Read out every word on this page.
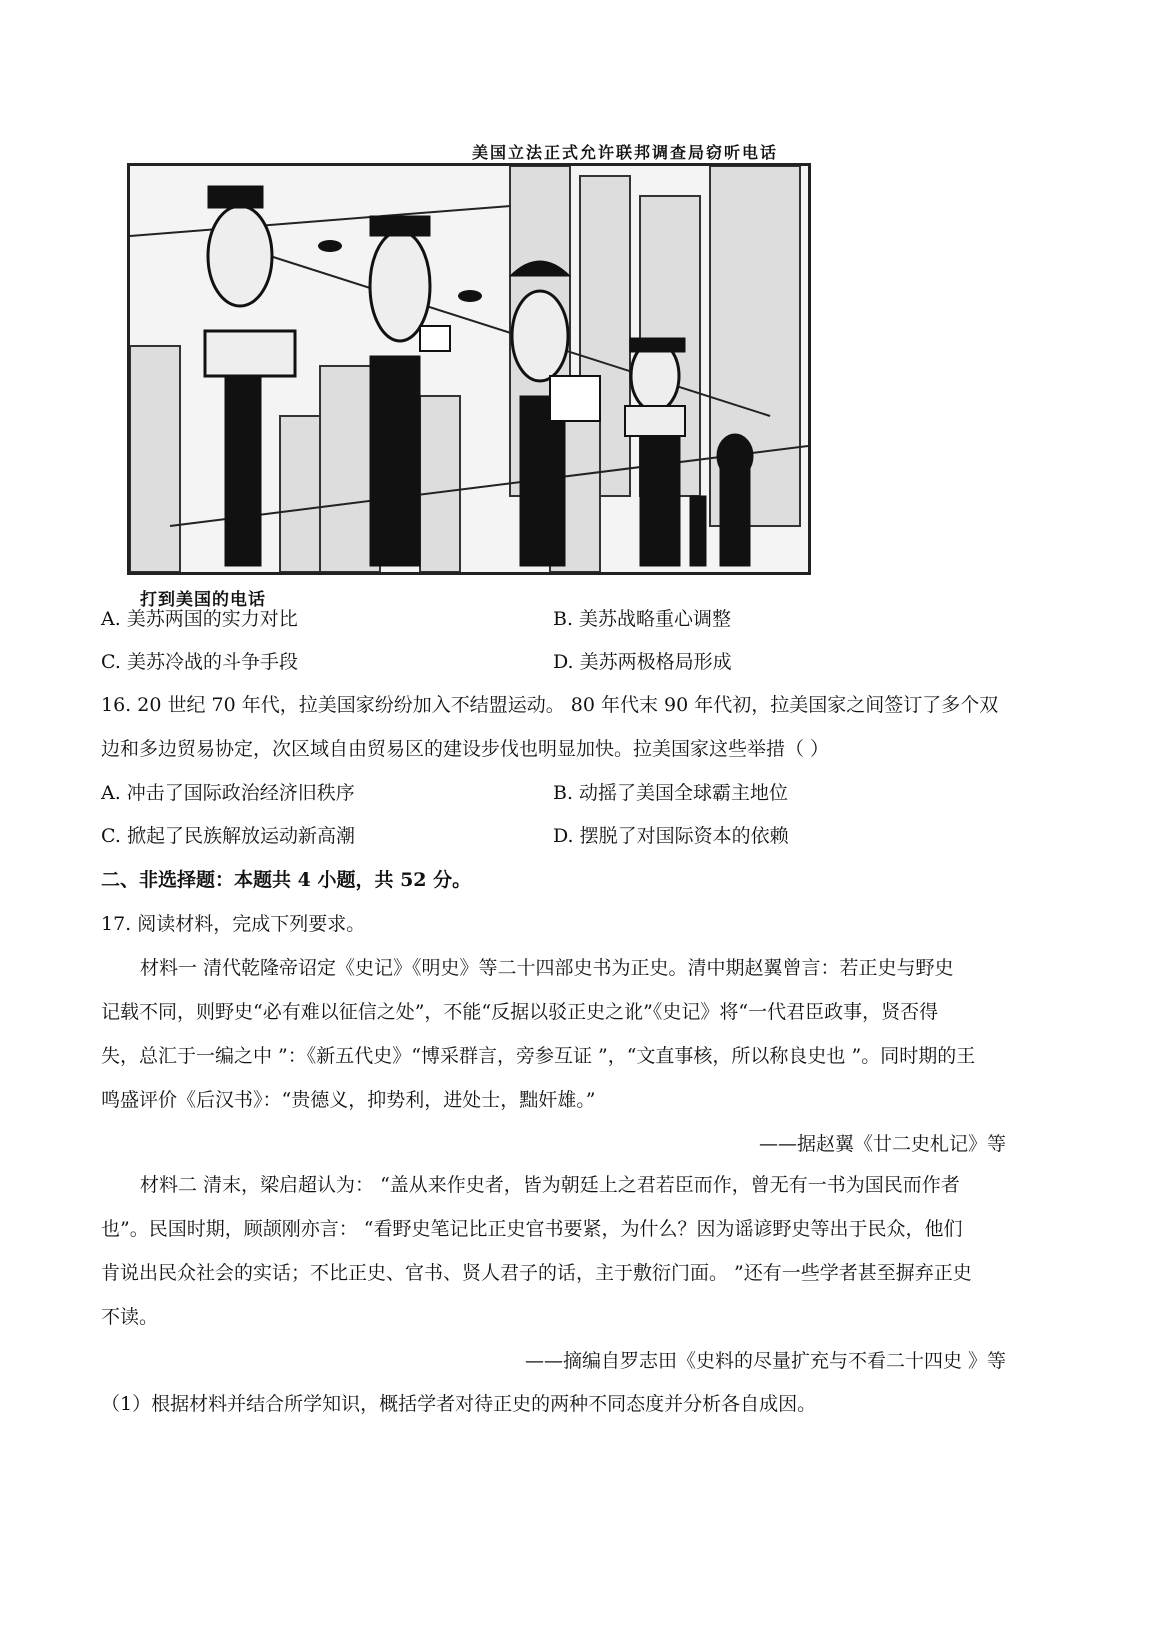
美国立法正式允许联邦调查局窃听电话
打到美国的电话
A. 美苏两国的实力对比	B. 美苏战略重心调整
C. 美苏冷战的斗争手段	D. 美苏两极格局形成
16. 20 世纪 70 年代，拉美国家纷纷加入不结盟运动。 80 年代末 90 年代初，拉美国家之间签订了多个双
边和多边贸易协定，次区域自由贸易区的建设步伐也明显加快。拉美国家这些举措（ ）
A. 冲击了国际政治经济旧秩序	B. 动摇了美国全球霸主地位
C. 掀起了民族解放运动新高潮	D. 摆脱了对国际资本的依赖
二、非选择题：本题共 4 小题，共 52 分。
17. 阅读材料，完成下列要求。
材料一 清代乾隆帝诏定《史记》《明史》等二十四部史书为正史。清中期赵翼曾言：若正史与野史
记载不同，则野史“必有难以征信之处”，不能“反据以驳正史之讹”《史记》将“一代君臣政事，贤否得
失，总汇于一编之中 ”：《新五代史》“博采群言，旁参互证 ”，“文直事核，所以称良史也 ”。同时期的王
鸣盛评价《后汉书》：“贵德义，抑势利，进处士，黜奸雄。”
——据赵翼《廿二史札记》等
材料二 清末，梁启超认为： “盖从来作史者，皆为朝廷上之君若臣而作，曾无有一书为国民而作者
也”。民国时期，顾颉刚亦言： “看野史笔记比正史官书要紧，为什么？因为谣谚野史等出于民众，他们
肯说出民众社会的实话；不比正史、官书、贤人君子的话，主于敷衍门面。 ”还有一些学者甚至摒弃正史
不读。
——摘编自罗志田《史料的尽量扩充与不看二十四史 》等
（1）根据材料并结合所学知识，概括学者对待正史的两种不同态度并分析各自成因。
